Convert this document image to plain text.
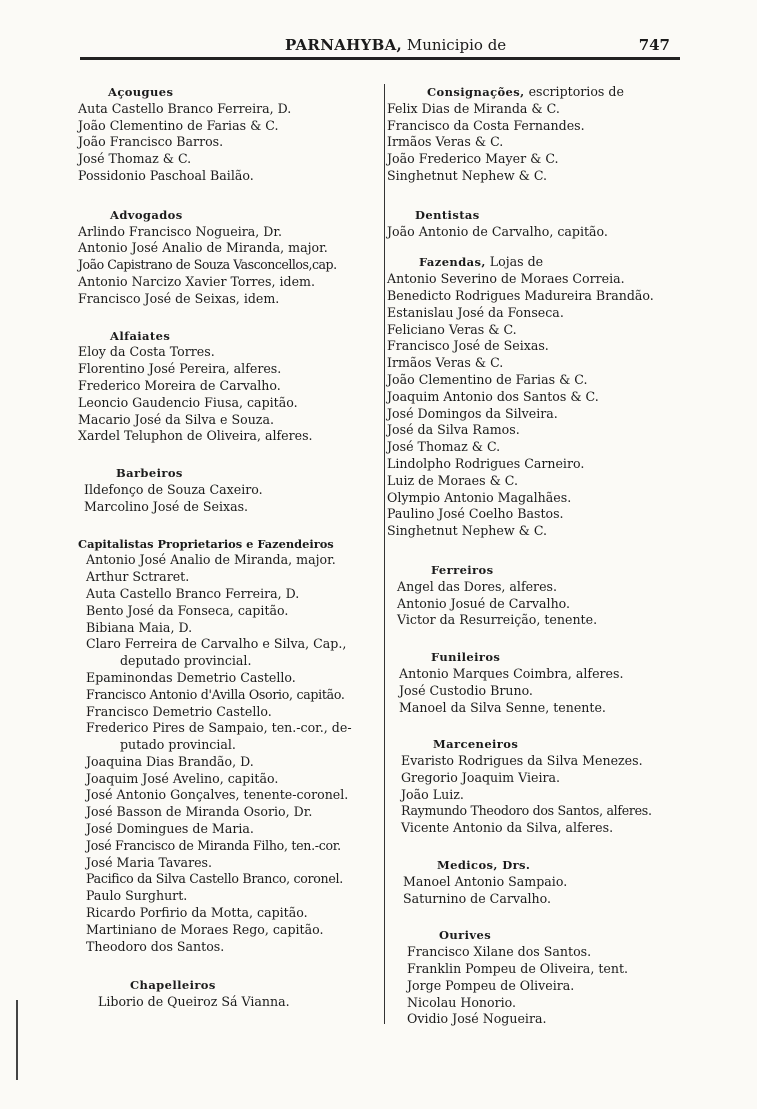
PARNAHYBA, Municipio de	747
Açougues
Auta Castello Branco Ferreira, D.
João Clementino de Farias & C.
João Francisco Barros.
José Thomaz & C.
Possidonio Paschoal Bailão.
Advogados
Arlindo Francisco Nogueira, Dr.
Antonio José Analio de Miranda, major.
João Capistrano de Souza Vasconcellos,cap.
Antonio Narcizo Xavier Torres, idem.
Francisco José de Seixas, idem.
Alfaiates
Eloy da Costa Torres.
Florentino José Pereira, alferes.
Frederico Moreira de Carvalho.
Leoncio Gaudencio Fiusa, capitão.
Macario José da Silva e Souza.
Xardel Teluphon de Oliveira, alferes.
Barbeiros
Ildefonço de Souza Caxeiro.
Marcolino José de Seixas.
Capitalistas Proprietarios e Fazendeiros
Antonio José Analio de Miranda, major.
Arthur Sctraret.
Auta Castello Branco Ferreira, D.
Bento José da Fonseca, capitão.
Bibiana Maia, D.
Claro Ferreira de Carvalho e Silva, Cap.,
deputado provincial.
Epaminondas Demetrio Castello.
Francisco Antonio d'Avilla Osorio, capitão.
Francisco Demetrio Castello.
Frederico Pires de Sampaio, ten.-cor., de-
putado provincial.
Joaquina Dias Brandão, D.
Joaquim José Avelino, capitão.
José Antonio Gonçalves, tenente-coronel.
José Basson de Miranda Osorio, Dr.
José Domingues de Maria.
José Francisco de Miranda Filho, ten.-cor.
José Maria Tavares.
Pacifico da Silva Castello Branco, coronel.
Paulo Surghurt.
Ricardo Porfirio da Motta, capitão.
Martiniano de Moraes Rego, capitão.
Theodoro dos Santos.
Chapelleiros
Liborio de Queiroz Sá Vianna.
Consignações, escriptorios de
Felix Dias de Miranda & C.
Francisco da Costa Fernandes.
Irmãos Veras & C.
João Frederico Mayer & C.
Singhetnut Nephew & C.
Dentistas
João Antonio de Carvalho, capitão.
Fazendas, Lojas de
Antonio Severino de Moraes Correia.
Benedicto Rodrigues Madureira Brandão.
Estanislau José da Fonseca.
Feliciano Veras & C.
Francisco José de Seixas.
Irmãos Veras & C.
João Clementino de Farias & C.
Joaquim Antonio dos Santos & C.
José Domingos da Silveira.
José da Silva Ramos.
José Thomaz & C.
Lindolpho Rodrigues Carneiro.
Luiz de Moraes & C.
Olympio Antonio Magalhães.
Paulino José Coelho Bastos.
Singhetnut Nephew & C.
Ferreiros
Angel das Dores, alferes.
Antonio Josué de Carvalho.
Victor da Resurreição, tenente.
Funileiros
Antonio Marques Coimbra, alferes.
José Custodio Bruno.
Manoel da Silva Senne, tenente.
Marceneiros
Evaristo Rodrigues da Silva Menezes.
Gregorio Joaquim Vieira.
João Luiz.
Raymundo Theodoro dos Santos, alferes.
Vicente Antonio da Silva, alferes.
Medicos, Drs.
Manoel Antonio Sampaio.
Saturnino de Carvalho.
Ourives
Francisco Xilane dos Santos.
Franklin Pompeu de Oliveira, tent.
Jorge Pompeu de Oliveira.
Nicolau Honorio.
Ovidio José Nogueira.
